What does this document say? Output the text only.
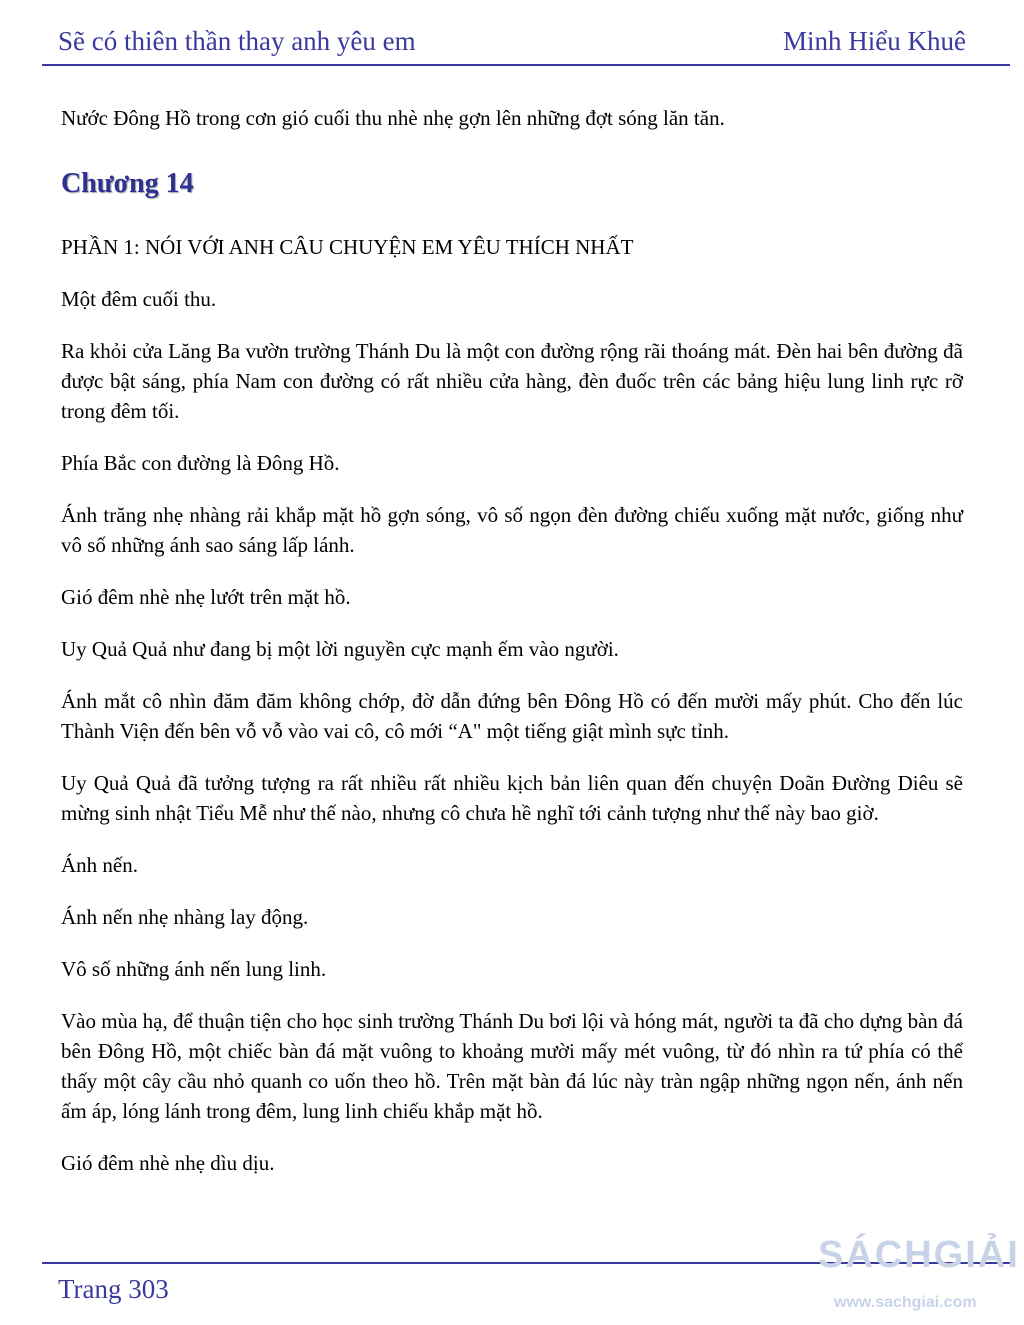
Sẽ có thiên thần thay anh yêu em	Minh Hiểu Khuê

Nước Đông Hồ trong cơn gió cuối thu nhè nhẹ gợn lên những đợt sóng lăn tăn.

Chương 14

PHẦN 1: NÓI VỚI ANH CÂU CHUYỆN EM YÊU THÍCH NHẤT

Một đêm cuối thu.

Ra khỏi cửa Lăng Ba vườn trường Thánh Du là một con đường rộng rãi thoáng mát. Đèn hai bên đường đã được bật sáng, phía Nam con đường có rất nhiều cửa hàng, đèn đuốc trên các bảng hiệu lung linh rực rỡ trong đêm tối.

Phía Bắc con đường là Đông Hồ.

Ánh trăng nhẹ nhàng rải khắp mặt hồ gợn sóng, vô số ngọn đèn đường chiếu xuống mặt nước, giống như vô số những ánh sao sáng lấp lánh.

Gió đêm nhè nhẹ lướt trên mặt hồ.

Uy Quả Quả như đang bị một lời nguyền cực mạnh ếm vào người.

Ánh mắt cô nhìn đăm đăm không chớp, đờ dẫn đứng bên Đông Hồ có đến mười mấy phút. Cho đến lúc Thành Viện đến bên vỗ vỗ vào vai cô, cô mới “A" một tiếng giật mình sực tỉnh.

Uy Quả Quả đã tưởng tượng ra rất nhiều rất nhiều kịch bản liên quan đến chuyện Doãn Đường Diêu sẽ mừng sinh nhật Tiểu Mễ như thế nào, nhưng cô chưa hề nghĩ tới cảnh tượng như thế này bao giờ.

Ánh nến.

Ánh nến nhẹ nhàng lay động.

Vô số những ánh nến lung linh.

Vào mùa hạ, để thuận tiện cho học sinh trường Thánh Du bơi lội và hóng mát, người ta đã cho dựng bàn đá bên Đông Hồ, một chiếc bàn đá mặt vuông to khoảng mười mấy mét vuông, từ đó nhìn ra tứ phía có thể thấy một cây cầu nhỏ quanh co uốn theo hồ. Trên mặt bàn đá lúc này tràn ngập những ngọn nến, ánh nến ấm áp, lóng lánh trong đêm, lung linh chiếu khắp mặt hồ.

Gió đêm nhè nhẹ dìu dịu.

Trang 303
SÁCHGIẢI
www.sachgiai.com
